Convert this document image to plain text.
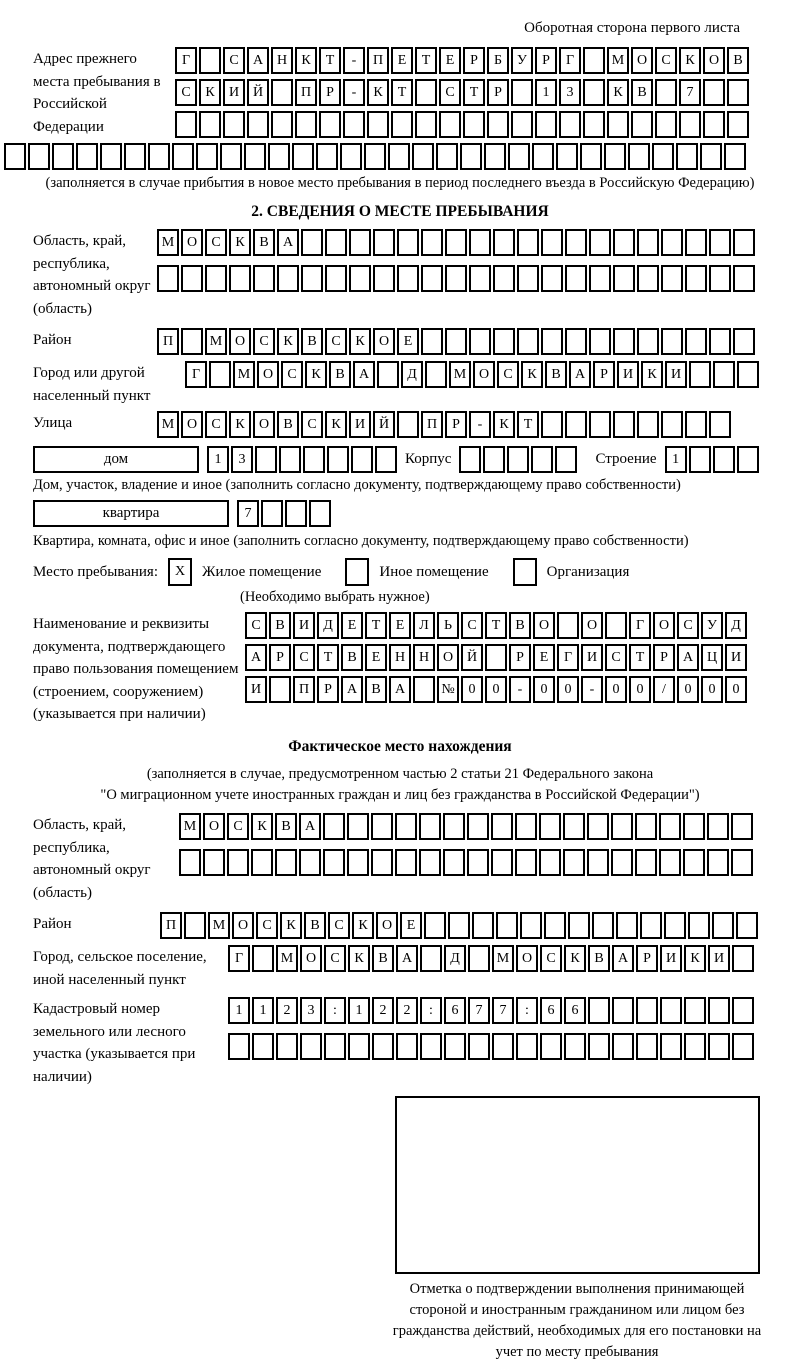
Оборотная сторона первого листа
Адрес прежнего места пребывания в Российской Федерации
Г	С	А Н	К	Т	-	П	Е	Т	Е	Р	Б	У	Р	Г	М О	С	К	О	В
С	К	И Й	П	Р	-	К	Т	С	Т	Р	1	3	К	В	7
(заполняется в случае прибытия в новое место пребывания в период последнего въезда в Российскую Федерацию)
2. СВЕДЕНИЯ О МЕСТЕ ПРЕБЫВАНИЯ
Область, край, республика, автономный округ (область)
М О	С	К	В	А
Район	П	М О	С	К	В	С	К	О	Е
Город или другой населенный пункт
Г	М О	С	К	В	А	Д	М О	С	К	В	А	Р	И	К	И
Улица	М О	С	К	О	В	С	К	И Й	П	Р	-	К	Т
дом	1	3	Корпус	Строение	1
Дом, участок, владение и иное (заполнить согласно документу, подтверждающему право собственности)
квартира	7
Квартира, комната, офис и иное (заполнить согласно документу, подтверждающему право собственности)
Место пребывания:	X	Жилое помещение	Иное помещение	Организация
(Необходимо выбрать нужное)
Наименование и реквизиты документа, подтверждающего право пользования помещением (строением, сооружением) (указывается при наличии)
С	В	И	Д	Е	Т	Е	Л	Ь	С	Т	В	О	О	Г	О	С	У	Д
А	Р	С	Т	В	Е	Н Н О Й	Р	Е	Г	И	С	Т	Р	А Ц И
И	П	Р	А	В	А	№ 0	0	-	0	0	-	0	0	/	0	0	0
Фактическое место нахождения
(заполняется в случае, предусмотренном частью 2 статьи 21 Федерального закона
"О миграционном учете иностранных граждан и лиц без гражданства в Российской Федерации")
Область, край, республика, автономный округ (область)
М О	С	К	В	А
Район	П	М О	С	К	В	С	К	О	Е
Город, сельское поселение, иной населенный пункт
Г	М О	С	К	В	А	Д	М О	С	К	В	А	Р	И	К	И
Кадастровый номер земельного или лесного участка (указывается при наличии)
1	1	2	3	:	1	2	2	:	6	7	7	:	6	6
Отметка о подтверждении выполнения принимающей стороной и иностранным гражданином или лицом без гражданства действий, необходимых для его постановки на учет по месту пребывания
